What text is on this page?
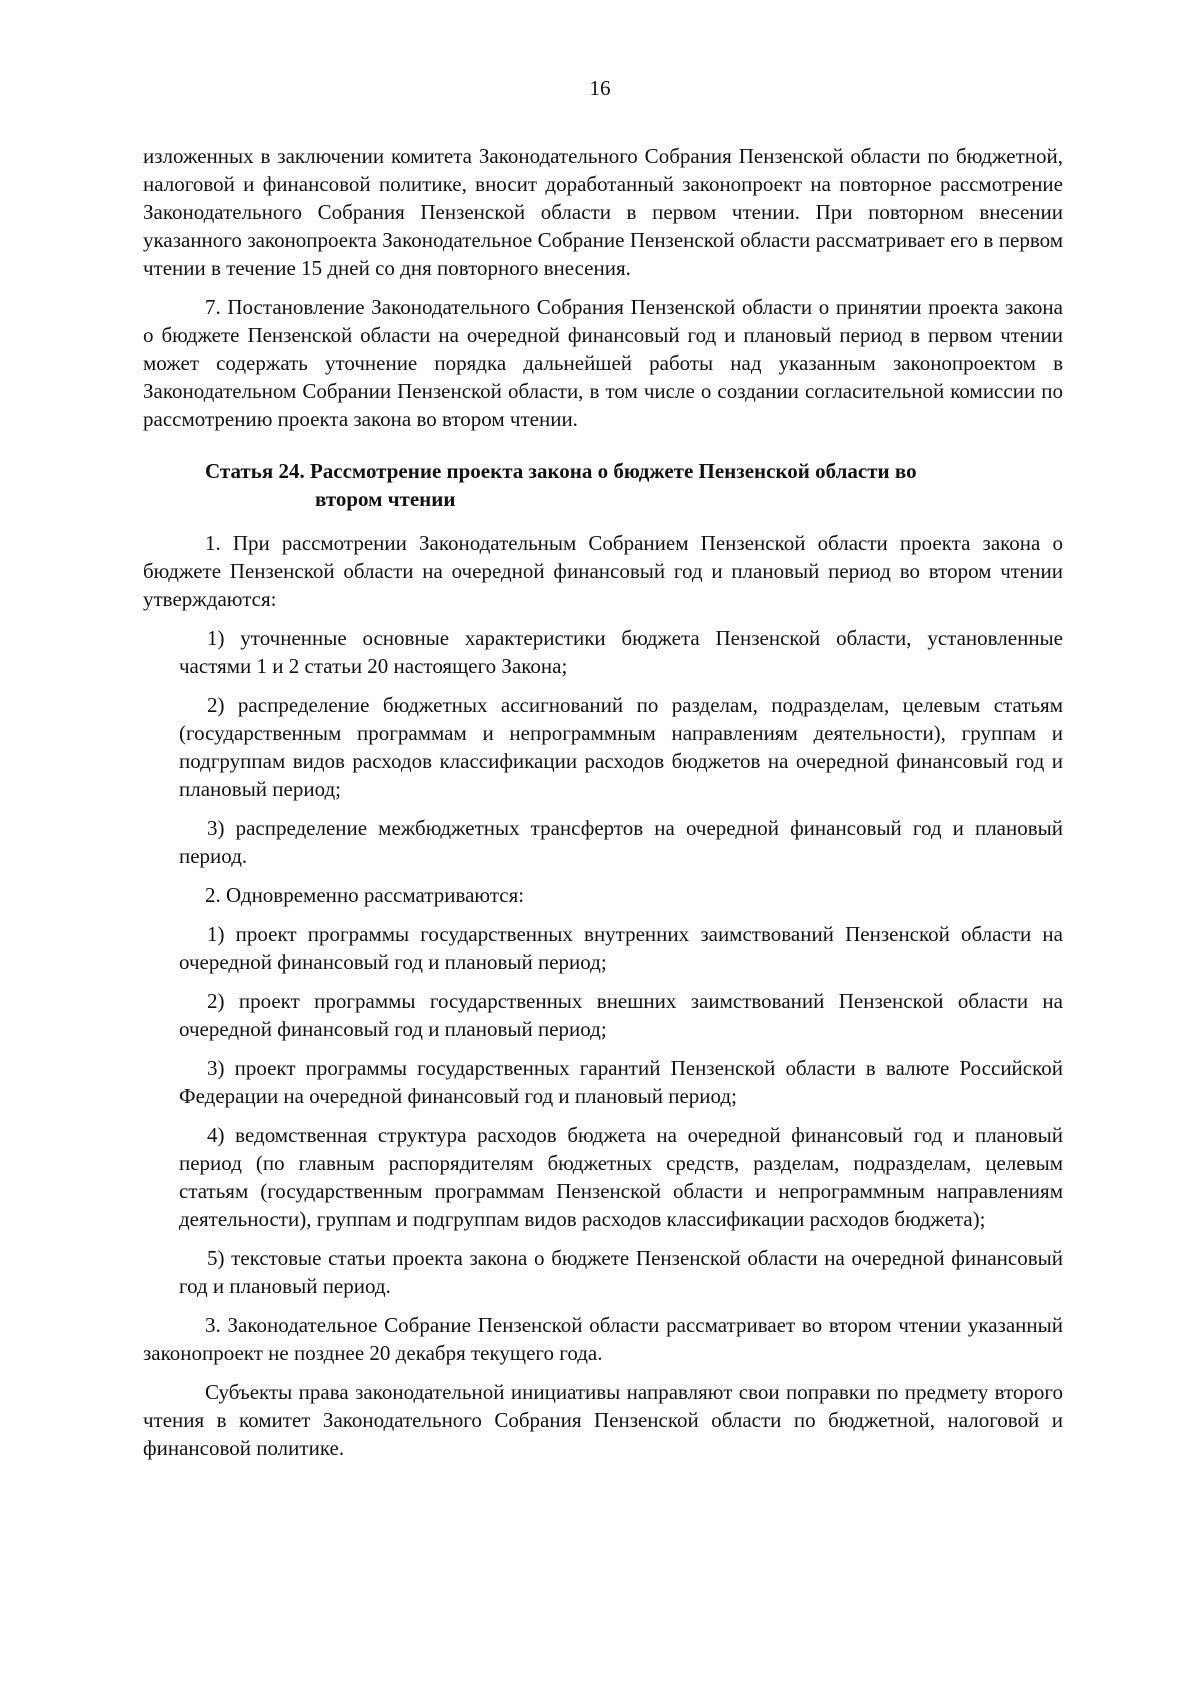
16

изложенных в заключении комитета Законодательного Собрания Пензенской области по бюджетной, налоговой и финансовой политике, вносит доработанный законопроект на повторное рассмотрение Законодательного Собрания Пензенской области в первом чтении. При повторном внесении указанного законопроекта Законодательное Собрание Пензенской области рассматривает его в первом чтении в течение 15 дней со дня повторного внесения.

7. Постановление Законодательного Собрания Пензенской области о принятии проекта закона о бюджете Пензенской области на очередной финансовый год и плановый период в первом чтении может содержать уточнение порядка дальнейшей работы над указанным законопроектом в Законодательном Собрании Пензенской области, в том числе о создании согласительной комиссии по рассмотрению проекта закона во втором чтении.

Статья 24. Рассмотрение проекта закона о бюджете Пензенской области во
втором чтении

1. При рассмотрении Законодательным Собранием Пензенской области проекта закона о бюджете Пензенской области на очередной финансовый год и плановый период во втором чтении утверждаются:

1) уточненные основные характеристики бюджета Пензенской области, установленные частями 1 и 2 статьи 20 настоящего Закона;

2) распределение бюджетных ассигнований по разделам, подразделам, целевым статьям (государственным программам и непрограммным направлениям деятельности), группам и подгруппам видов расходов классификации расходов бюджетов на очередной финансовый год и плановый период;

3) распределение межбюджетных трансфертов на очередной финансовый год и плановый период.

2. Одновременно рассматриваются:

1) проект программы государственных внутренних заимствований Пензенской области на очередной финансовый год и плановый период;

2) проект программы государственных внешних заимствований Пензенской области на очередной финансовый год и плановый период;

3) проект программы государственных гарантий Пензенской области в валюте Российской Федерации на очередной финансовый год и плановый период;

4) ведомственная структура расходов бюджета на очередной финансовый год и плановый период (по главным распорядителям бюджетных средств, разделам, подразделам, целевым статьям (государственным программам Пензенской области и непрограммным направлениям деятельности), группам и подгруппам видов расходов классификации расходов бюджета);

5) текстовые статьи проекта закона о бюджете Пензенской области на очередной финансовый год и плановый период.

3. Законодательное Собрание Пензенской области рассматривает во втором чтении указанный законопроект не позднее 20 декабря текущего года.

Субъекты права законодательной инициативы направляют свои поправки по предмету второго чтения в комитет Законодательного Собрания Пензенской области по бюджетной, налоговой и финансовой политике.
